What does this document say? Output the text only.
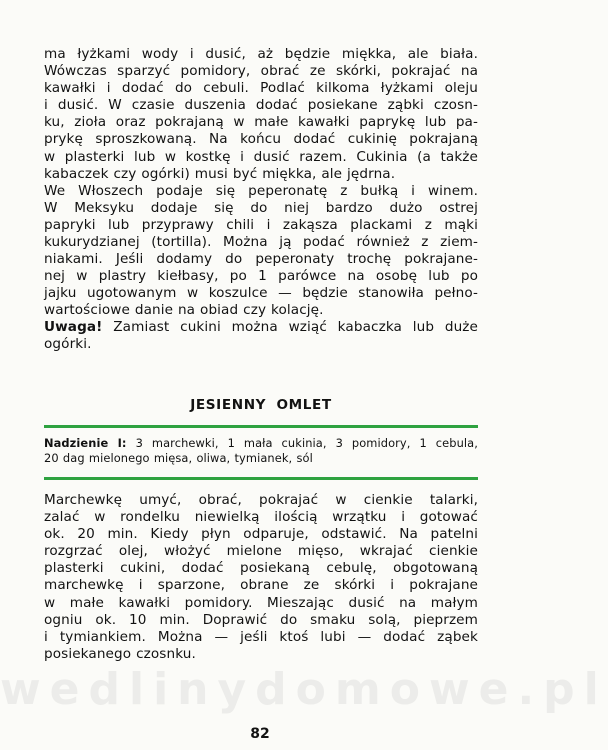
ma łyżkami wody i dusić, aż będzie miękka, ale biała.
Wówczas sparzyć pomidory, obrać ze skórki, pokrajać na
kawałki i dodać do cebuli. Podlać kilkoma łyżkami oleju
i dusić. W czasie duszenia dodać posiekane ząbki czosn-
ku, zioła oraz pokrajaną w małe kawałki paprykę lub pa-
prykę sproszkowaną. Na końcu dodać cukinię pokrajaną
w plasterki lub w kostkę i dusić razem. Cukinia (a także
kabaczek czy ogórki) musi być miękka, ale jędrna.
We Włoszech podaje się peperonatę z bułką i winem.
W Meksyku dodaje się do niej bardzo dużo ostrej
papryki lub przyprawy chili i zakąsza plackami z mąki
kukurydzianej (tortilla). Można ją podać również z ziem-
niakami. Jeśli dodamy do peperonaty trochę pokrajane-
nej w plastry kiełbasy, po 1 parówce na osobę lub po
jajku ugotowanym w koszulce — będzie stanowiła pełno-
wartościowe danie na obiad czy kolację.
Uwaga! Zamiast cukini można wziąć kabaczka lub duże
ogórki.
JESIENNY OMLET
Nadzienie I: 3 marchewki, 1 mała cukinia, 3 pomidory, 1 cebula,
20 dag mielonego mięsa, oliwa, tymianek, sól
Marchewkę umyć, obrać, pokrajać w cienkie talarki,
zalać w rondelku niewielką ilością wrzątku i gotować
ok. 20 min. Kiedy płyn odparuje, odstawić. Na patelni
rozgrzać olej, włożyć mielone mięso, wkrajać cienkie
plasterki cukini, dodać posiekaną cebulę, obgotowaną
marchewkę i sparzone, obrane ze skórki i pokrajane
w małe kawałki pomidory. Mieszając dusić na małym
ogniu ok. 10 min. Doprawić do smaku solą, pieprzem
i tymiankiem. Można — jeśli ktoś lubi — dodać ząbek
posiekanego czosnku.
wedlinydomowe.pl
82
